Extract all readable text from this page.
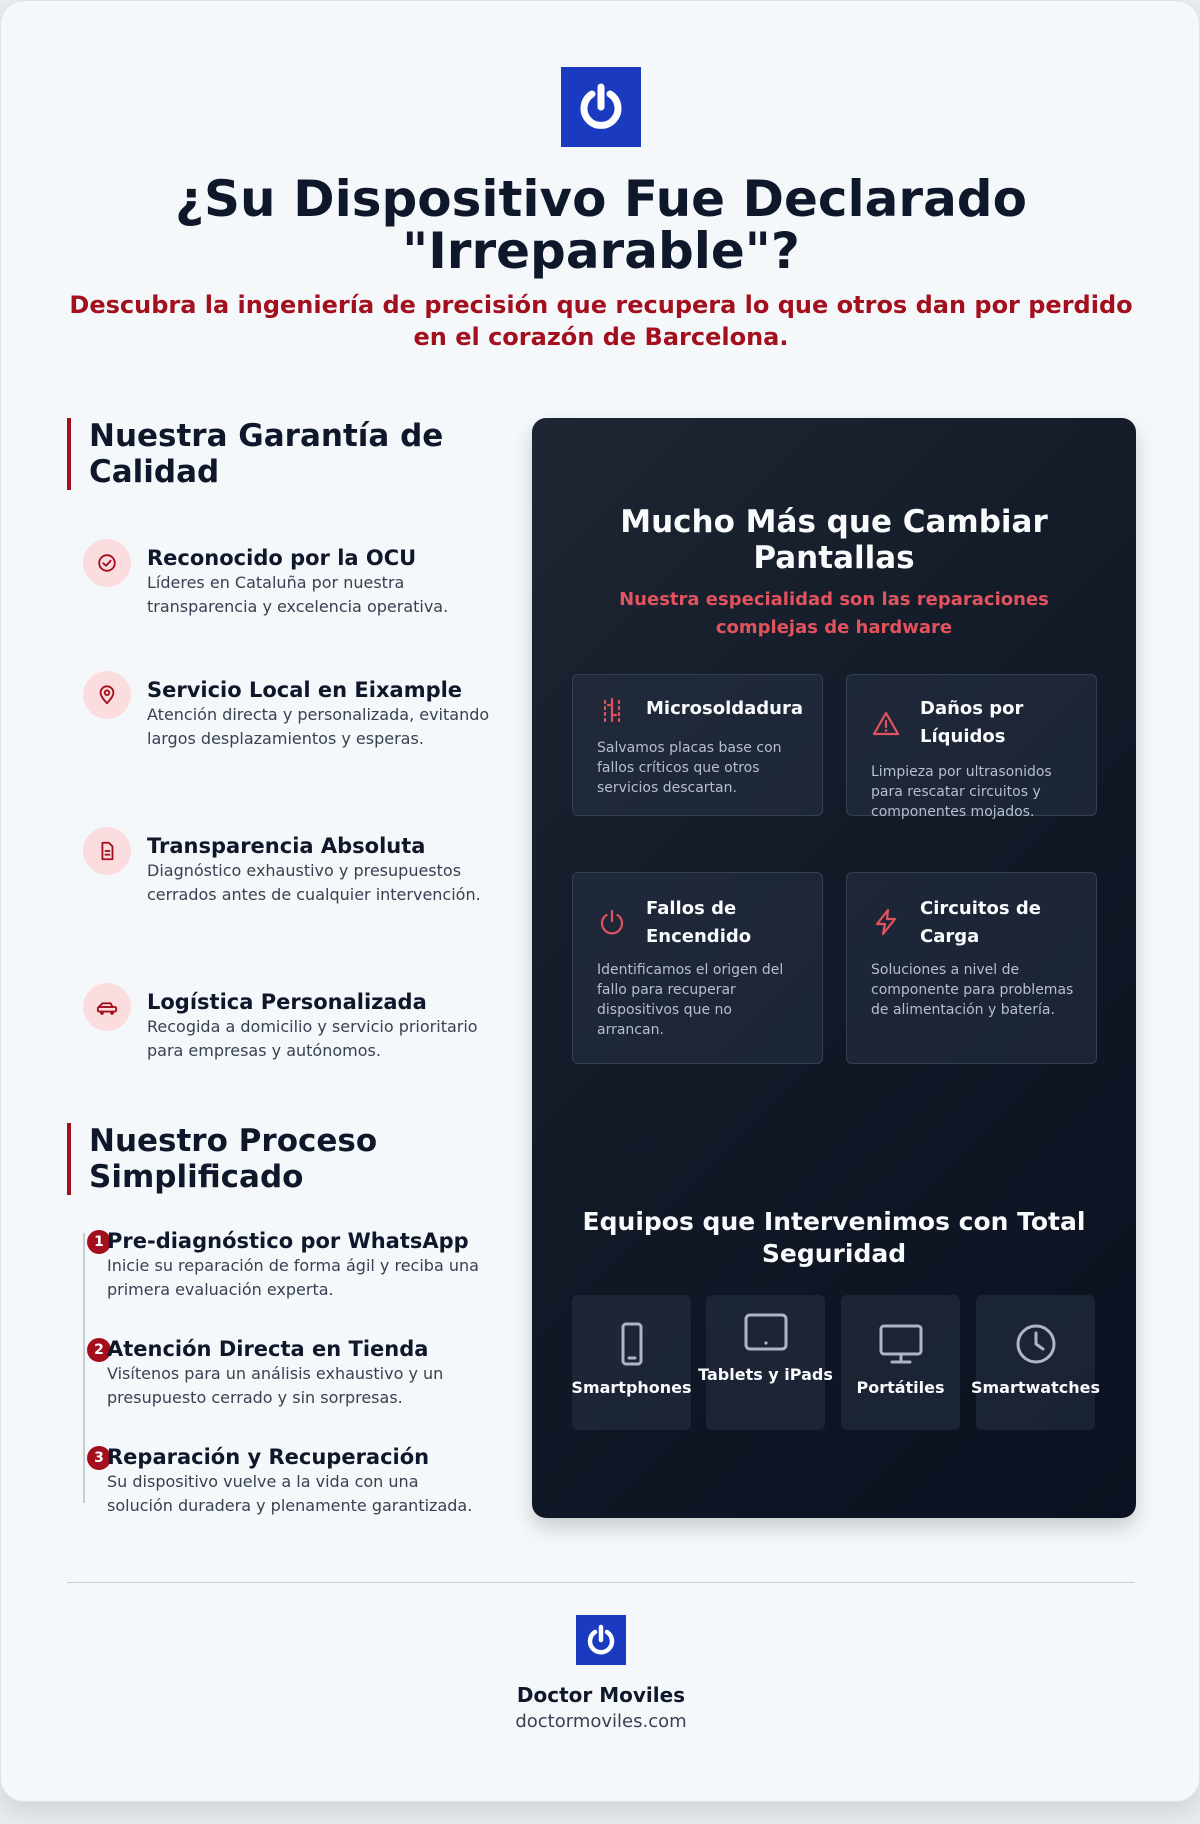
¿Su Dispositivo Fue Declarado "Irreparable"?
Descubra la ingeniería de precisión que recupera lo que otros dan por perdido en el corazón de Barcelona.
Nuestra Garantía de Calidad
Reconocido por la OCU
Líderes en Cataluña por nuestra transparencia y excelencia operativa.
Servicio Local en Eixample
Atención directa y personalizada, evitando largos desplazamientos y esperas.
Transparencia Absoluta
Diagnóstico exhaustivo y presupuestos cerrados antes de cualquier intervención.
Logística Personalizada
Recogida a domicilio y servicio prioritario para empresas y autónomos.
Nuestro Proceso Simplificado
1 Pre-diagnóstico por WhatsApp
Inicie su reparación de forma ágil y reciba una primera evaluación experta.
2 Atención Directa en Tienda
Visítenos para un análisis exhaustivo y un presupuesto cerrado y sin sorpresas.
3 Reparación y Recuperación
Su dispositivo vuelve a la vida con una solución duradera y plenamente garantizada.
Mucho Más que Cambiar Pantallas
Nuestra especialidad son las reparaciones complejas de hardware
Microsoldadura
Salvamos placas base con fallos críticos que otros servicios descartan.
Daños por Líquidos
Limpieza por ultrasonidos para rescatar circuitos y componentes mojados.
Fallos de Encendido
Identificamos el origen del fallo para recuperar dispositivos que no arrancan.
Circuitos de Carga
Soluciones a nivel de componente para problemas de alimentación y batería.
Equipos que Intervenimos con Total Seguridad
Smartphones
Tablets y iPads
Portátiles	Smartwatches
Doctor Moviles
doctormoviles.com
